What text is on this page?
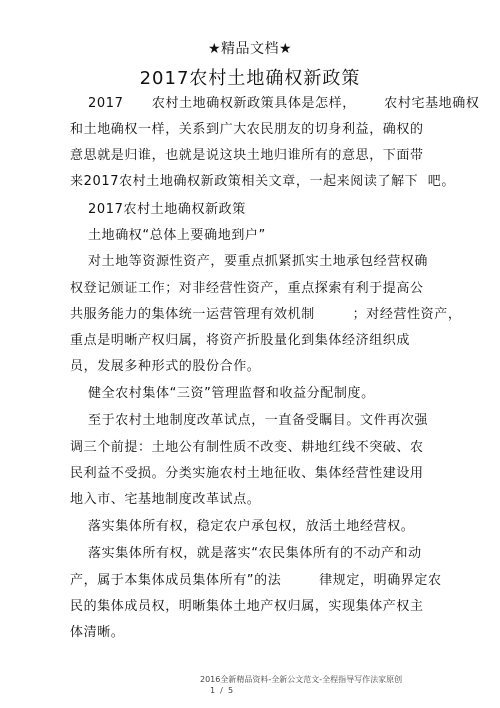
★精品文档★
2017农村土地确权新政策
2017      农村土地确权新政策具体是怎样，      农村宅基地确权
和土地确权一样，关系到广大农民朋友的切身利益，确权的
意思就是归谁，也就是说这块土地归谁所有的意思，下面带
来2017农村土地确权新政策相关文章，一起来阅读了解下  吧。
2017农村土地确权新政策
土地确权“总体上要确地到户”
对土地等资源性资产，要重点抓紧抓实土地承包经营权确
权登记颁证工作；对非经营性资产，重点探索有利于提高公
共服务能力的集体统一运营管理有效机制        ；对经营性资产，
重点是明晰产权归属，将资产折股量化到集体经济组织成
员，发展多种形式的股份合作。
健全农村集体“三资”管理监督和收益分配制度。
至于农村土地制度改革试点，一直备受瞩目。文件再次强
调三个前提：土地公有制性质不改变、耕地红线不突破、农
民利益不受损。分类实施农村土地征收、集体经营性建设用
地入市、宅基地制度改革试点。
落实集体所有权，稳定农户承包权，放活土地经营权。
落实集体所有权，就是落实“农民集体所有的不动产和动
产，属于本集体成员集体所有”的法        律规定，明确界定农
民的集体成员权，明晰集体土地产权归属，实现集体产权主
体清晰。
2016全新精品资料-全新公文范文-全程指导写作法家原创
1  /  5
